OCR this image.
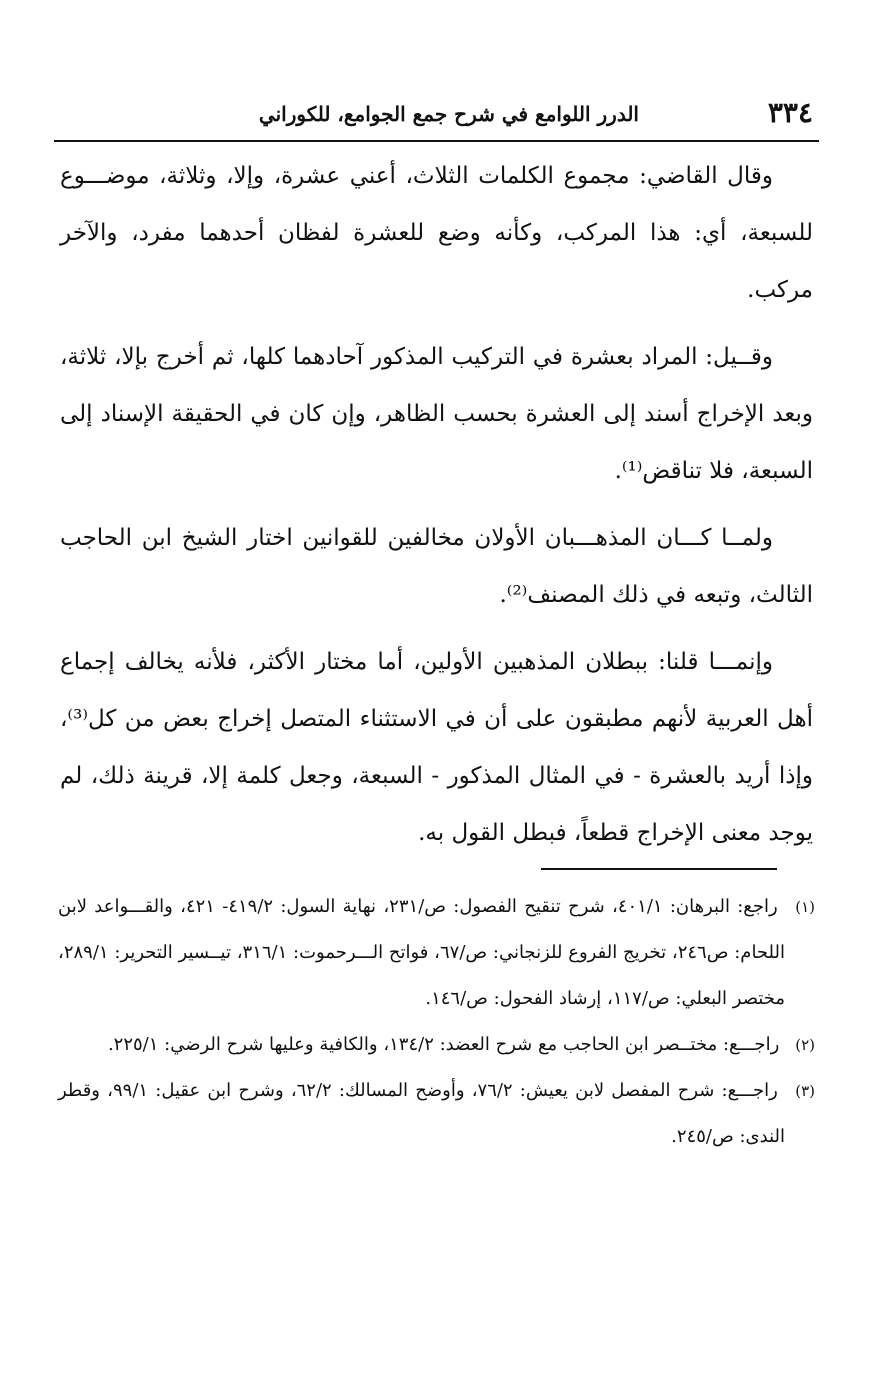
٣٣٤
الدرر اللوامع في شرح جمع الجوامع، للكوراني

وقال القاضي: مجموع الكلمات الثلاث، أعني عشرة، وإلا، وثلاثة، موضـــوع للسبعة، أي: هذا المركب، وكأنه وضع للعشرة لفظان أحدهما مفرد، والآخر مركب.

وقــيل: المراد بعشرة في التركيب المذكور آحادهما كلها، ثم أخرج بإلا، ثلاثة، وبعد الإخراج أسند إلى العشرة بحسب الظاهر، وإن كان في الحقيقة الإسناد إلى السبعة، فلا تناقض⁽¹⁾.

ولمــا كـــان المذهـــبان الأولان مخالفين للقوانين اختار الشيخ ابن الحاجب الثالث، وتبعه في ذلك المصنف⁽²⁾.

وإنمـــا قلنا: ببطلان المذهبين الأولين، أما مختار الأكثر، فلأنه يخالف إجماع أهل العربية لأنهم مطبقون على أن في الاستثناء المتصل إخراج بعض من كل⁽³⁾، وإذا أريد بالعشرة - في المثال المذكور - السبعة، وجعل كلمة إلا، قرينة ذلك، لم يوجد معنى الإخراج قطعاً، فبطل القول به.

(١) راجع: البرهان: ٤٠١/١، شرح تنقيح الفصول: ص/٢٣١، نهاية السول: ٤١٩/٢- ٤٢١، والقـــواعد لابن اللحام: ص٢٤٦، تخريج الفروع للزنجاني: ص/٦٧، فواتح الـــرحموت: ٣١٦/١، تيــسير التحرير: ٢٨٩/١، مختصر البعلي: ص/١١٧، إرشاد الفحول: ص/١٤٦.

(٢) راجـــع: مختــصر ابن الحاجب مع شرح العضد: ١٣٤/٢، والكافية وعليها شرح الرضي: ٢٢٥/١.

(٣) راجـــع: شرح المفصل لابن يعيش: ٧٦/٢، وأوضح المسالك: ٦٢/٢، وشرح ابن عقيل: ٩٩/١، وقطر الندى: ص/٢٤٥.
